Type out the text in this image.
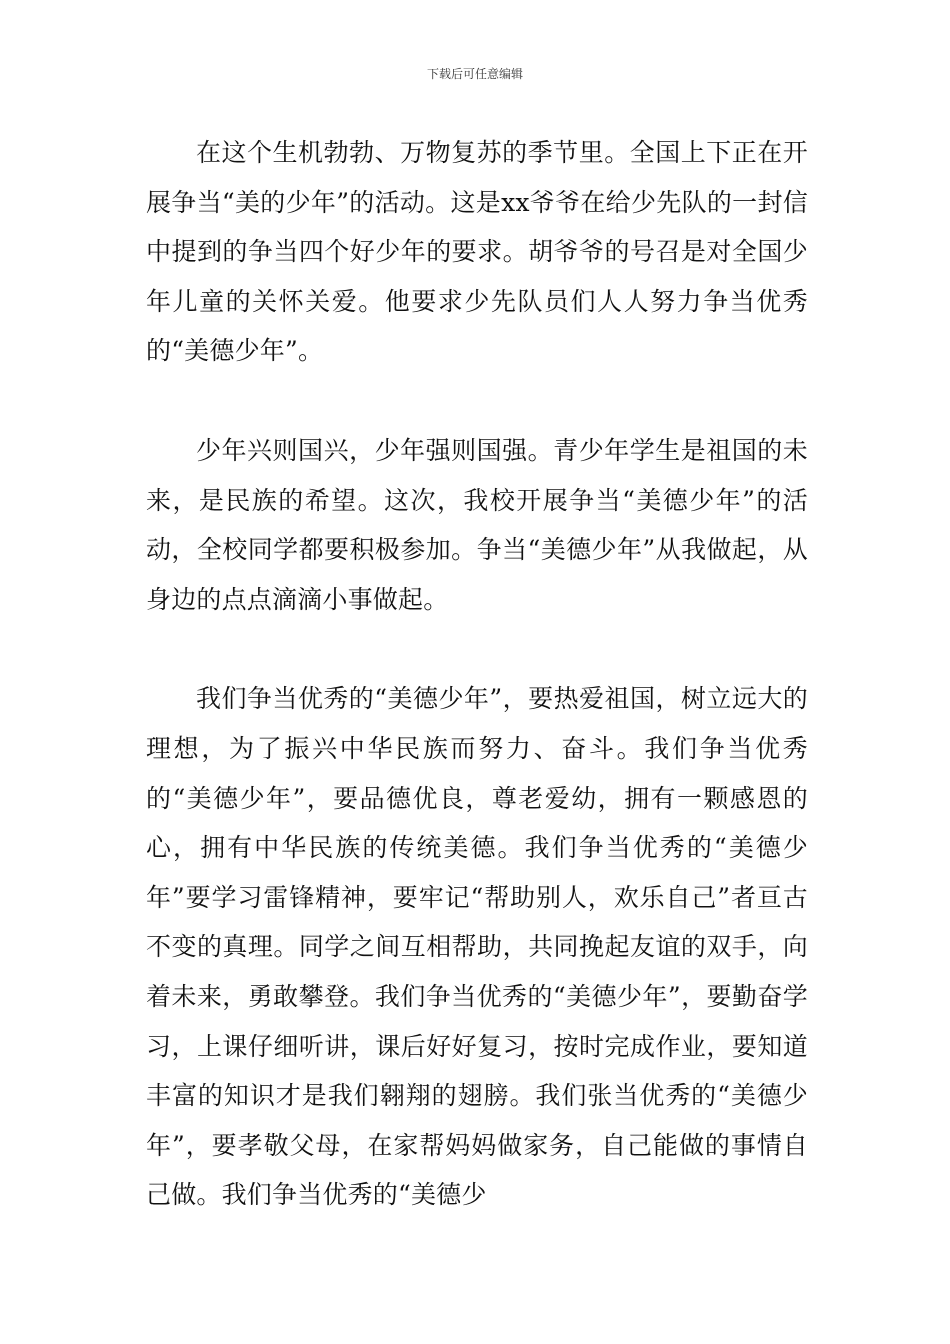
下载后可任意编辑

在这个生机勃勃、万物复苏的季节里。全国上下正在开展争当“美的少年”的活动。这是xx爷爷在给少先队的一封信中提到的争当四个好少年的要求。胡爷爷的号召是对全国少年儿童的关怀关爱。他要求少先队员们人人努力争当优秀的“美德少年”。

少年兴则国兴，少年强则国强。青少年学生是祖国的未来，是民族的希望。这次，我校开展争当“美德少年”的活动，全校同学都要积极参加。争当“美德少年”从我做起，从身边的点点滴滴小事做起。

我们争当优秀的“美德少年”，要热爱祖国，树立远大的理想，为了振兴中华民族而努力、奋斗。我们争当优秀的“美德少年”，要品德优良，尊老爱幼，拥有一颗感恩的心，拥有中华民族的传统美德。我们争当优秀的“美德少年”要学习雷锋精神，要牢记“帮助别人，欢乐自己”者亘古不变的真理。同学之间互相帮助，共同挽起友谊的双手，向着未来，勇敢攀登。我们争当优秀的“美德少年”，要勤奋学习，上课仔细听讲，课后好好复习，按时完成作业，要知道丰富的知识才是我们翱翔的翅膀。我们张当优秀的“美德少年”，要孝敬父母，在家帮妈妈做家务，自己能做的事情自己做。我们争当优秀的“美德少
